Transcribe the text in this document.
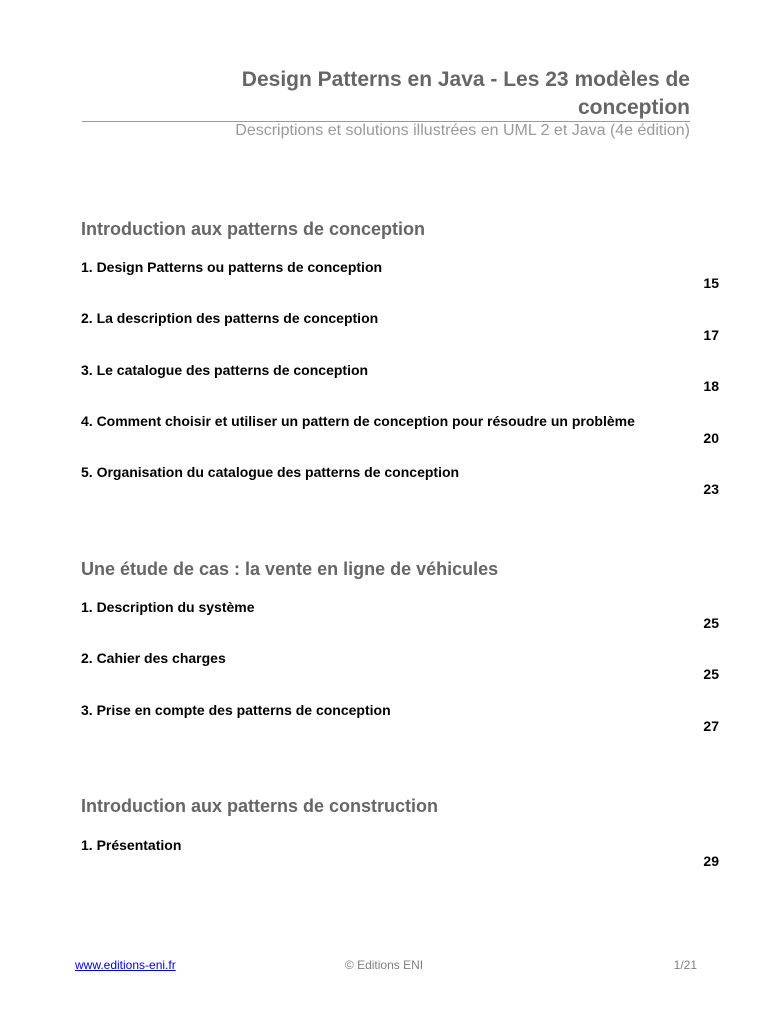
Design Patterns en Java - Les 23 modèles de conception

Descriptions et solutions illustrées en UML 2 et Java (4e édition)

Introduction aux patterns de conception
1. Design Patterns ou patterns de conception
15
2. La description des patterns de conception
17
3. Le catalogue des patterns de conception
18
4. Comment choisir et utiliser un pattern de conception pour résoudre un problème
20
5. Organisation du catalogue des patterns de conception
23
Une étude de cas : la vente en ligne de véhicules
1. Description du système
25
2. Cahier des charges
25
3. Prise en compte des patterns de conception
27
Introduction aux patterns de construction
1. Présentation
29
www.editions-eni.fr	© Editions ENI	1/21
